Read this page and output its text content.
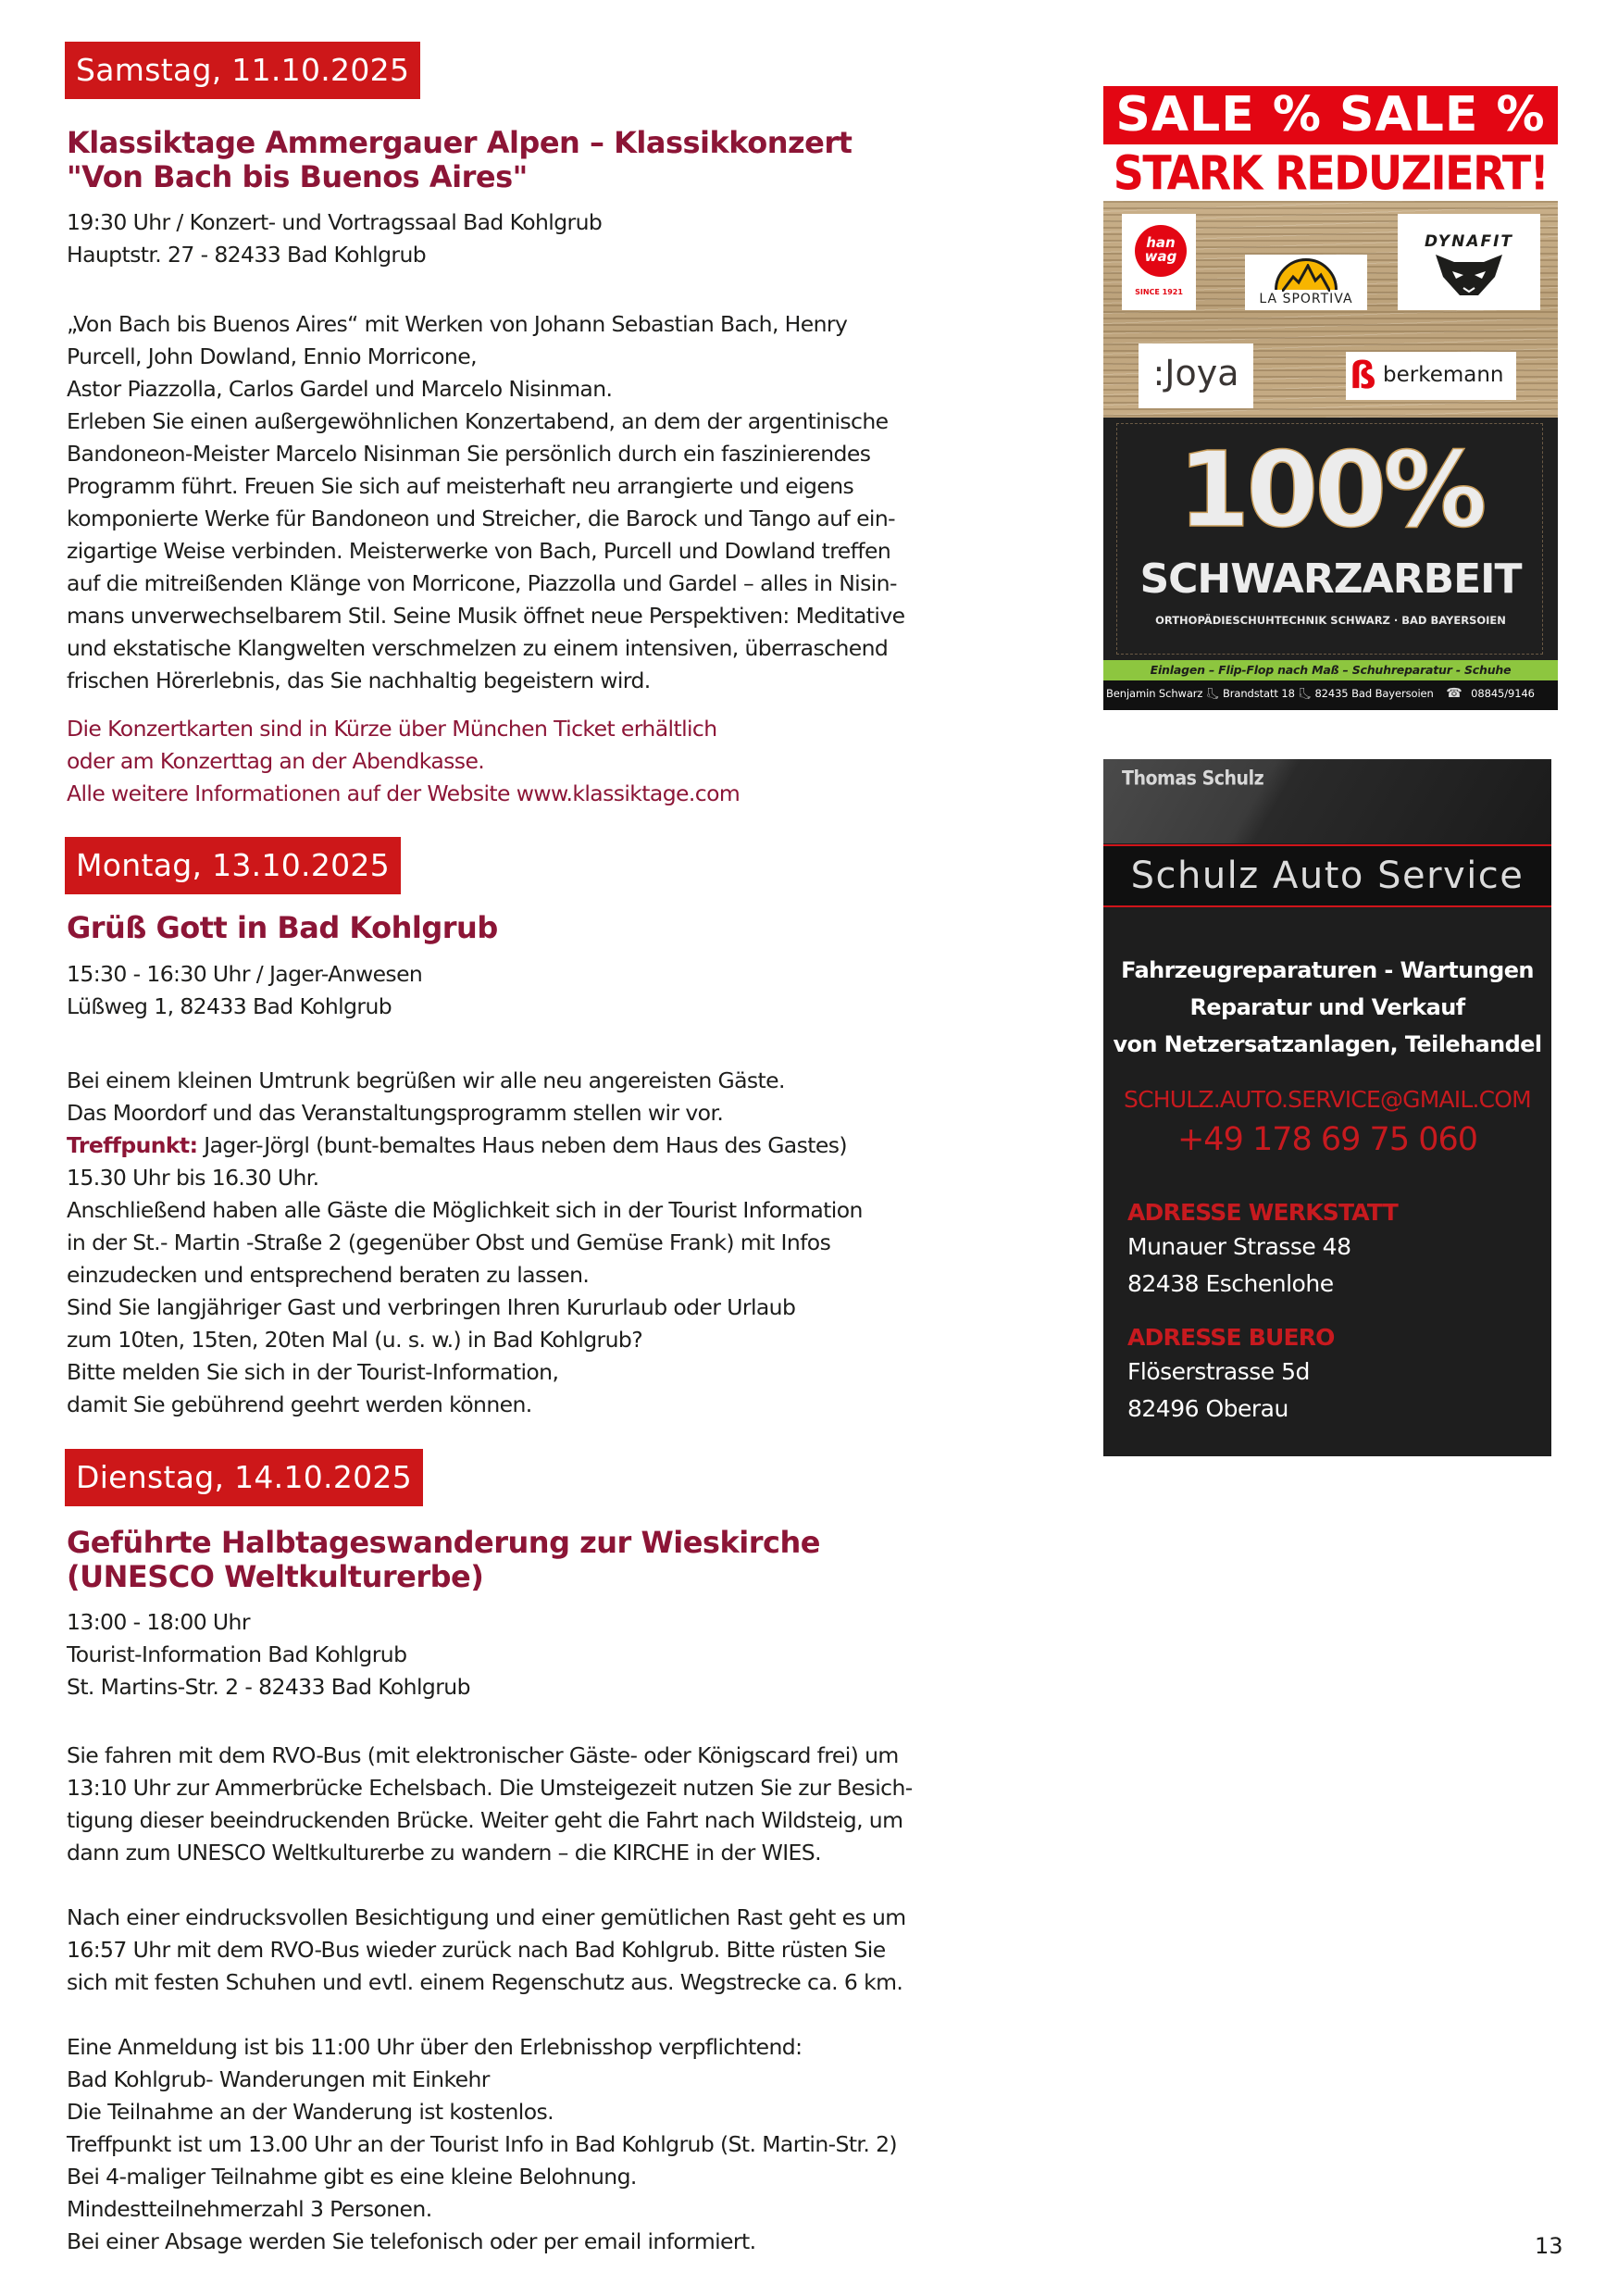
Samstag, 11.10.2025
Klassiktage Ammergauer Alpen – Klassikkonzert
"Von Bach bis Buenos Aires"
19:30 Uhr / Konzert- und Vortragssaal Bad Kohlgrub
Hauptstr. 27 - 82433 Bad Kohlgrub
„Von Bach bis Buenos Aires“ mit Werken von Johann Sebastian Bach, Henry
Purcell, John Dowland, Ennio Morricone,
Astor Piazzolla, Carlos Gardel und Marcelo Nisinman.
Erleben Sie einen außergewöhnlichen Konzertabend, an dem der argentinische
Bandoneon-Meister Marcelo Nisinman Sie persönlich durch ein faszinierendes
Programm führt. Freuen Sie sich auf meisterhaft neu arrangierte und eigens
komponierte Werke für Bandoneon und Streicher, die Barock und Tango auf ein-
zigartige Weise verbinden. Meisterwerke von Bach, Purcell und Dowland treffen
auf die mitreißenden Klänge von Morricone, Piazzolla und Gardel – alles in Nisin-
mans unverwechselbarem Stil. Seine Musik öffnet neue Perspektiven: Meditative
und ekstatische Klangwelten verschmelzen zu einem intensiven, überraschend
frischen Hörerlebnis, das Sie nachhaltig begeistern wird.
Die Konzertkarten sind in Kürze über München Ticket erhältlich
oder am Konzerttag an der Abendkasse.
Alle weitere Informationen auf der Website www.klassiktage.com
Montag, 13.10.2025
Grüß Gott in Bad Kohlgrub
15:30 - 16:30 Uhr / Jager-Anwesen
Lüßweg 1, 82433 Bad Kohlgrub
Bei einem kleinen Umtrunk begrüßen wir alle neu angereisten Gäste.
Das Moordorf und das Veranstaltungsprogramm stellen wir vor.
Treffpunkt: Jager-Jörgl (bunt-bemaltes Haus neben dem Haus des Gastes)
15.30 Uhr bis 16.30 Uhr.
Anschließend haben alle Gäste die Möglichkeit sich in der Tourist Information
in der St.- Martin -Straße 2 (gegenüber Obst und Gemüse Frank) mit Infos
einzudecken und entsprechend beraten zu lassen.
Sind Sie langjähriger Gast und verbringen Ihren Kururlaub oder Urlaub
zum 10ten, 15ten, 20ten Mal (u. s. w.) in Bad Kohlgrub?
Bitte melden Sie sich in der Tourist-Information,
damit Sie gebührend geehrt werden können.
Dienstag, 14.10.2025
Geführte Halbtageswanderung zur Wieskirche
(UNESCO Weltkulturerbe)
13:00 - 18:00 Uhr
Tourist-Information Bad Kohlgrub
St. Martins-Str. 2 - 82433 Bad Kohlgrub
Sie fahren mit dem RVO-Bus (mit elektronischer Gäste- oder Königscard frei) um
13:10 Uhr zur Ammerbrücke Echelsbach. Die Umsteigezeit nutzen Sie zur Besich-
tigung dieser beeindruckenden Brücke. Weiter geht die Fahrt nach Wildsteig, um
dann zum UNESCO Weltkulturerbe zu wandern – die KIRCHE in der WIES.
Nach einer eindrucksvollen Besichtigung und einer gemütlichen Rast geht es um
16:57 Uhr mit dem RVO-Bus wieder zurück nach Bad Kohlgrub. Bitte rüsten Sie
sich mit festen Schuhen und evtl. einem Regenschutz aus. Wegstrecke ca. 6 km.
Eine Anmeldung ist bis 11:00 Uhr über den Erlebnisshop verpflichtend:
Bad Kohlgrub- Wanderungen mit Einkehr
Die Teilnahme an der Wanderung ist kostenlos.
Treffpunkt ist um 13.00 Uhr an der Tourist Info in Bad Kohlgrub (St. Martin-Str. 2)
Bei 4-maliger Teilnahme gibt es eine kleine Belohnung.
Mindestteilnehmerzahl 3 Personen.
Bei einer Absage werden Sie telefonisch oder per email informiert.
SALE % SALE %
STARK REDUZIERT!
han
wag
SINCE 1921	LA SPORTIVA
DYNAFIT
:Joya	ß berkemann
100%
SCHWARZARBEIT
ORTHOPÄDIESCHUHTECHNIK SCHWARZ · BAD BAYERSOIEN
Einlagen – Flip-Flop nach Maß – Schuhreparatur - Schuhe
Benjamin Schwarz 🦶︎ Brandstatt 18 🦶︎ 82435 Bad Bayersoien ☎ 08845/9146
Thomas Schulz
Schulz Auto Service
Fahrzeugreparaturen - Wartungen
Reparatur und Verkauf
von Netzersatzanlagen, Teilehandel
SCHULZ.AUTO.SERVICE@GMAIL.COM
+49 178 69 75 060
ADRESSE WERKSTATT
Munauer Strasse 48
82438 Eschenlohe
ADRESSE BUERO
Flöserstrasse 5d
82496 Oberau
13
